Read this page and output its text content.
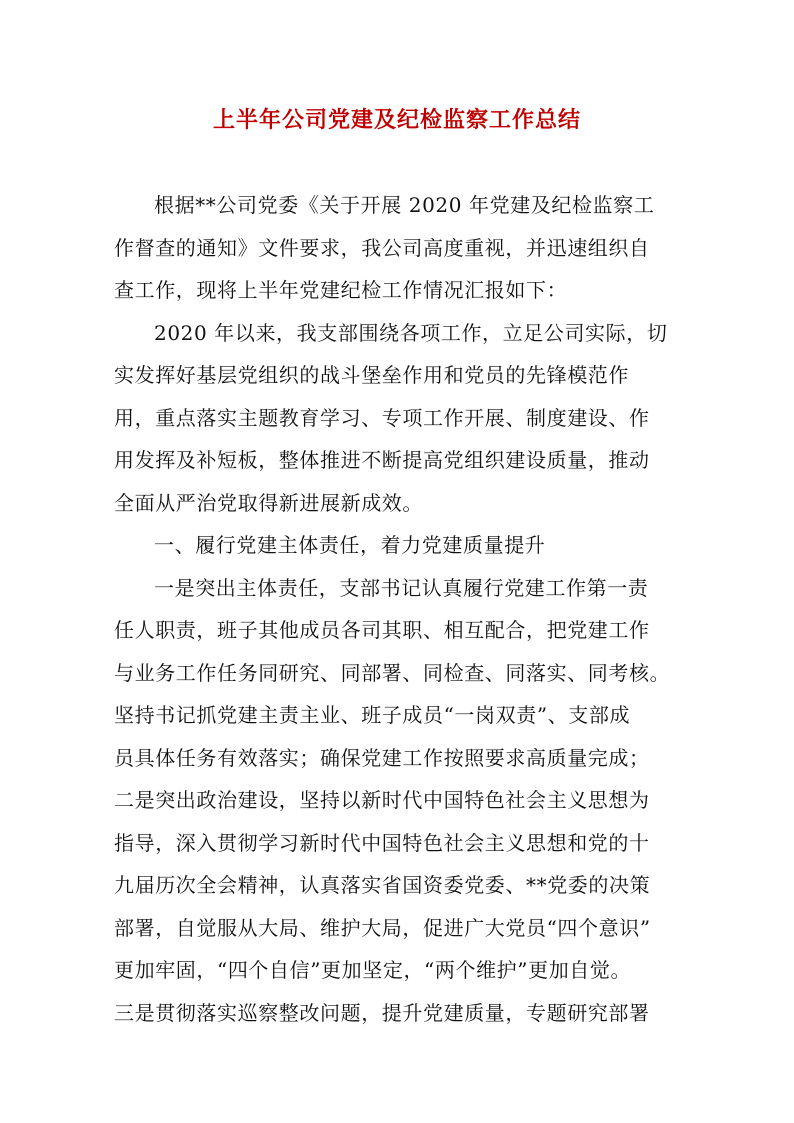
上半年公司党建及纪检监察工作总结

根据**公司党委《关于开展 2020 年党建及纪检监察工
作督查的通知》文件要求，我公司高度重视，并迅速组织自
查工作，现将上半年党建纪检工作情况汇报如下：

2020 年以来，我支部围绕各项工作，立足公司实际，切
实发挥好基层党组织的战斗堡垒作用和党员的先锋模范作
用，重点落实主题教育学习、专项工作开展、制度建设、作
用发挥及补短板，整体推进不断提高党组织建设质量，推动
全面从严治党取得新进展新成效。

一、履行党建主体责任，着力党建质量提升

一是突出主体责任，支部书记认真履行党建工作第一责
任人职责，班子其他成员各司其职、相互配合，把党建工作
与业务工作任务同研究、同部署、同检查、同落实、同考核。
坚持书记抓党建主责主业、班子成员“一岗双责”、支部成
员具体任务有效落实；确保党建工作按照要求高质量完成；
二是突出政治建设，坚持以新时代中国特色社会主义思想为
指导，深入贯彻学习新时代中国特色社会主义思想和党的十
九届历次全会精神，认真落实省国资委党委、**党委的决策
部署，自觉服从大局、维护大局，促进广大党员“四个意识”
更加牢固，“四个自信”更加坚定，“两个维护”更加自觉。
三是贯彻落实巡察整改问题，提升党建质量，专题研究部署
